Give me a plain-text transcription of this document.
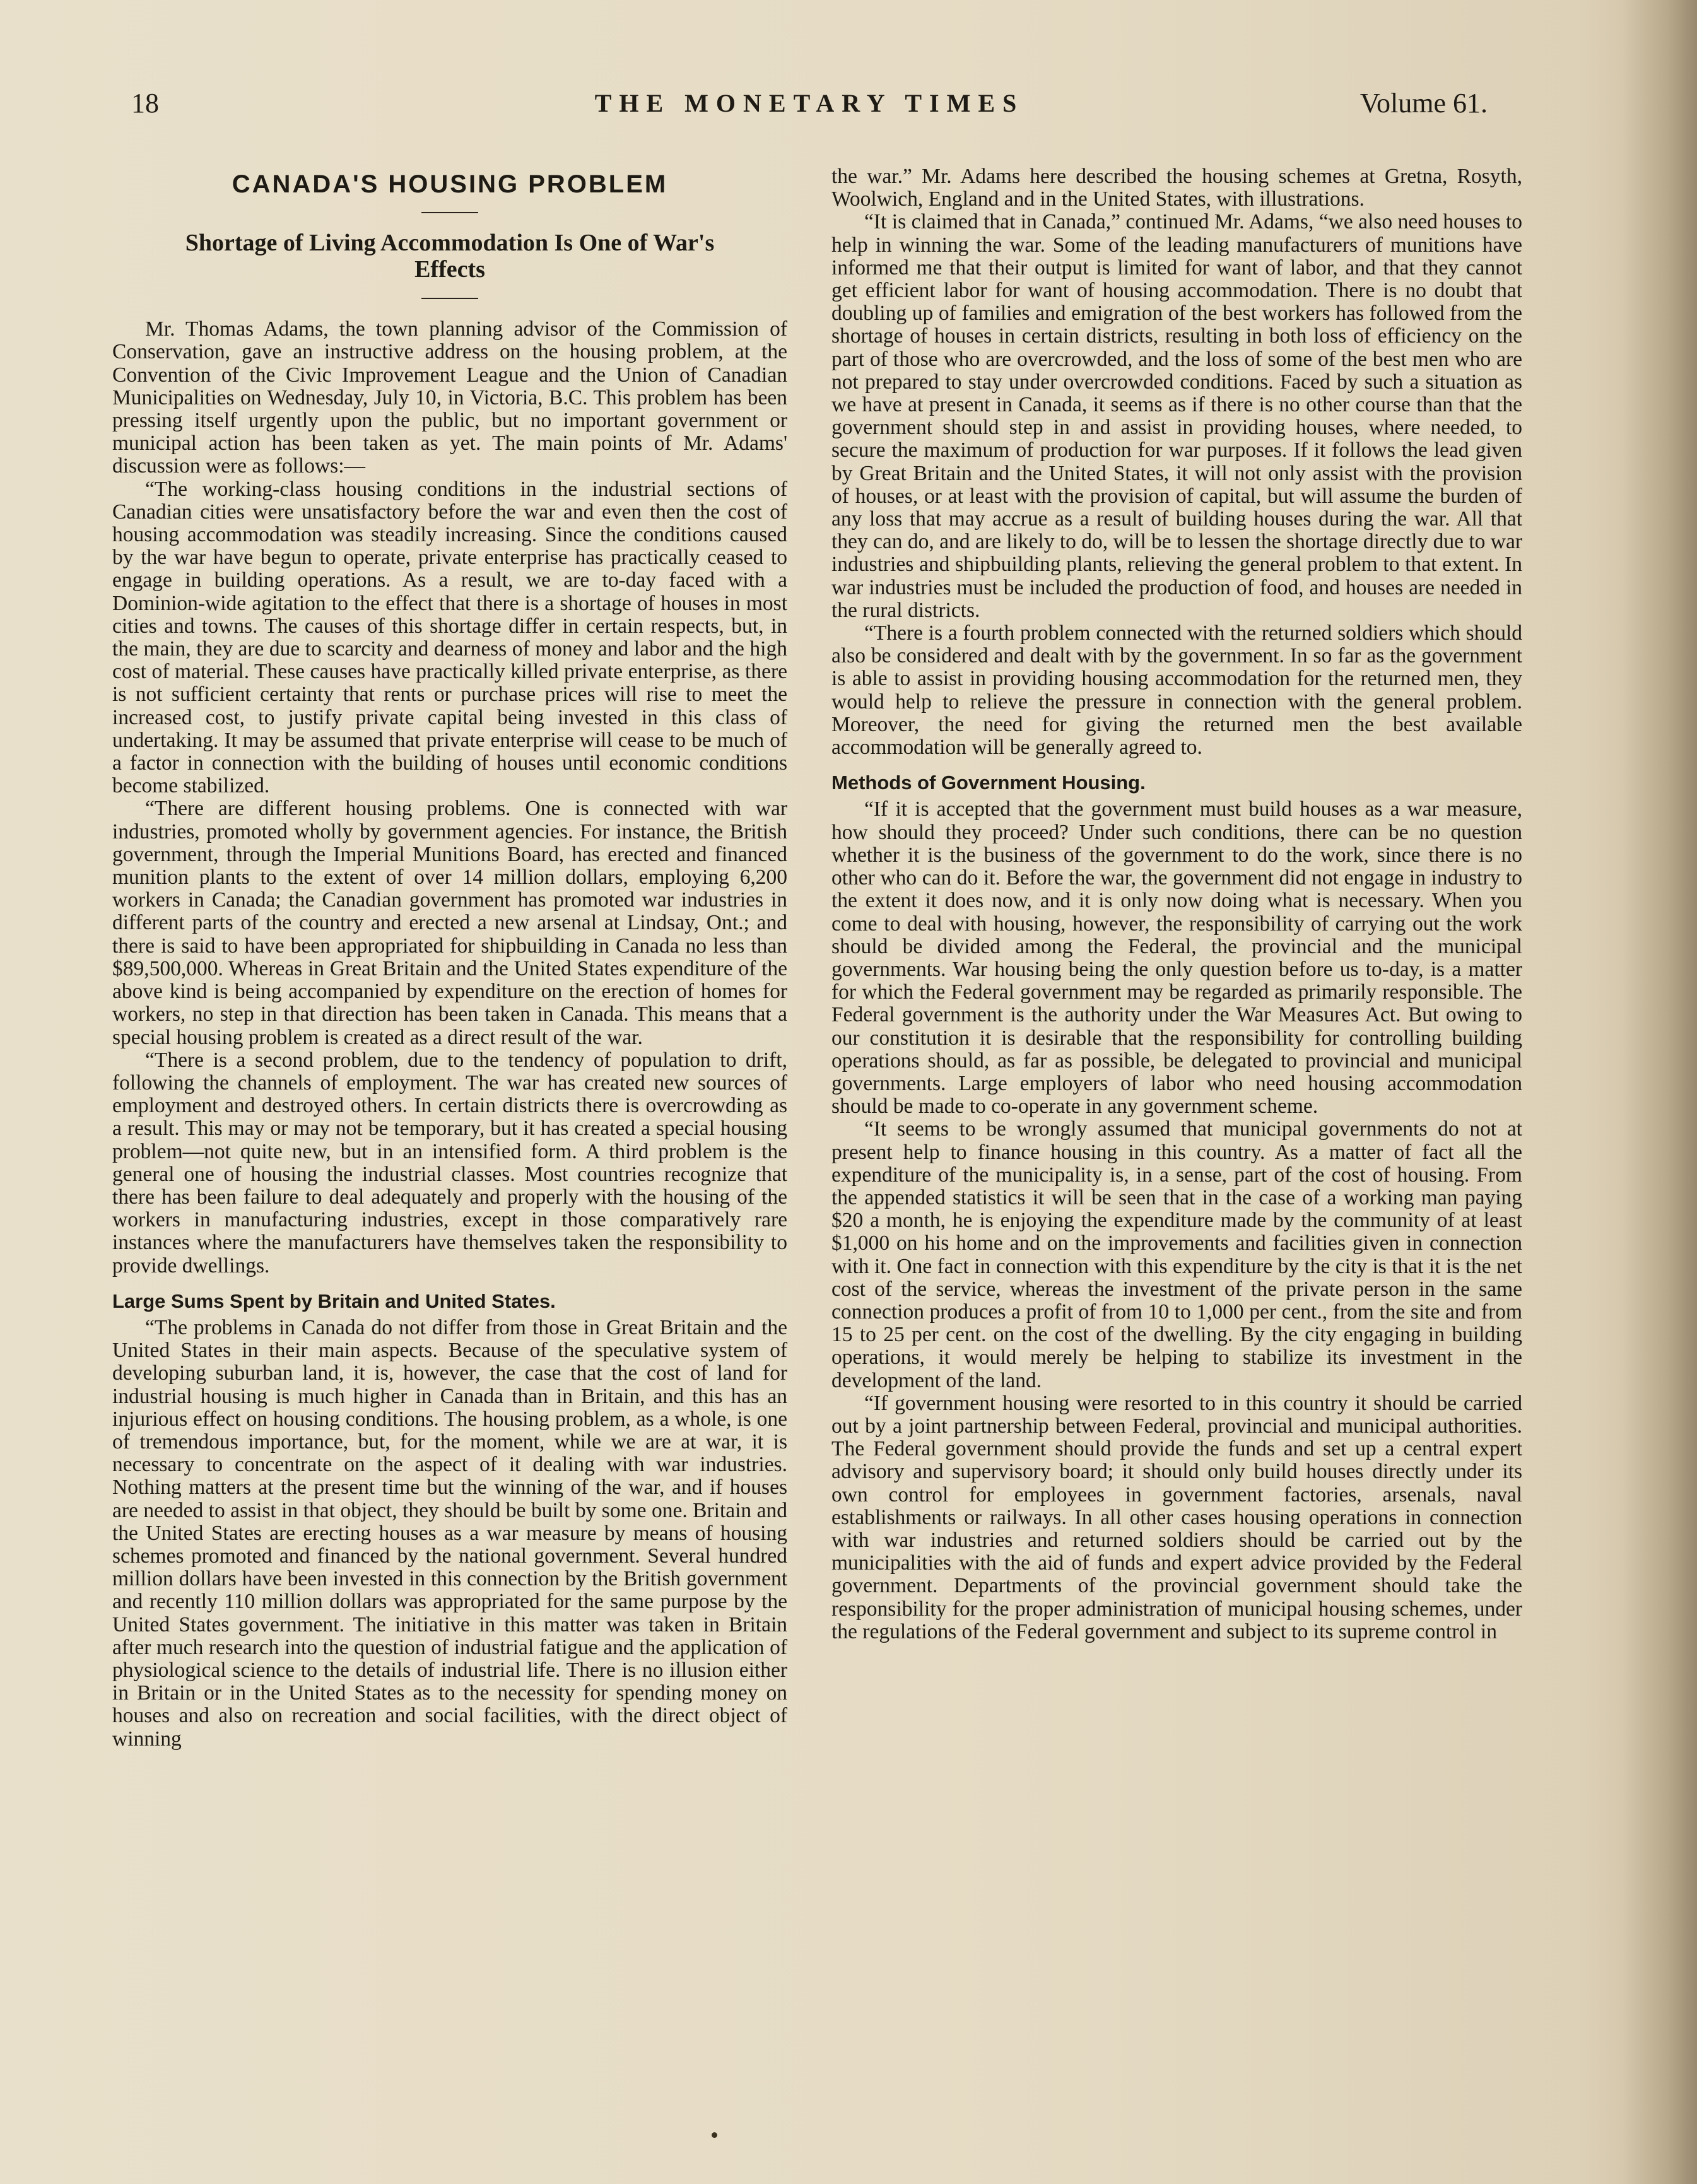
18	THE MONETARY TIMES	Volume 61.
CANADA'S HOUSING PROBLEM
Shortage of Living Accommodation Is One of War's Effects

Mr. Thomas Adams, the town planning advisor of the Commission of Conservation, gave an instructive address on the housing problem, at the Convention of the Civic Improvement League and the Union of Canadian Municipalities on Wednesday, July 10, in Victoria, B.C. This problem has been pressing itself urgently upon the public, but no important government or municipal action has been taken as yet. The main points of Mr. Adams' discussion were as follows:—

“The working-class housing conditions in the industrial sections of Canadian cities were unsatisfactory before the war and even then the cost of housing accommodation was steadily increasing. Since the conditions caused by the war have begun to operate, private enterprise has practically ceased to engage in building operations. As a result, we are to-day faced with a Dominion-wide agitation to the effect that there is a shortage of houses in most cities and towns. The causes of this shortage differ in certain respects, but, in the main, they are due to scarcity and dearness of money and labor and the high cost of material. These causes have practically killed private enterprise, as there is not sufficient certainty that rents or purchase prices will rise to meet the increased cost, to justify private capital being invested in this class of undertaking. It may be assumed that private enterprise will cease to be much of a factor in connection with the building of houses until economic conditions become stabilized.

“There are different housing problems. One is connected with war industries, promoted wholly by government agencies. For instance, the British government, through the Imperial Munitions Board, has erected and financed munition plants to the extent of over 14 million dollars, employing 6,200 workers in Canada; the Canadian government has promoted war industries in different parts of the country and erected a new arsenal at Lindsay, Ont.; and there is said to have been appropriated for shipbuilding in Canada no less than $89,500,000. Whereas in Great Britain and the United States expenditure of the above kind is being accompanied by expenditure on the erection of homes for workers, no step in that direction has been taken in Canada. This means that a special housing problem is created as a direct result of the war.

“There is a second problem, due to the tendency of population to drift, following the channels of employment. The war has created new sources of employment and destroyed others. In certain districts there is overcrowding as a result. This may or may not be temporary, but it has created a special housing problem—not quite new, but in an intensified form. A third problem is the general one of housing the industrial classes. Most countries recognize that there has been failure to deal adequately and properly with the housing of the workers in manufacturing industries, except in those comparatively rare instances where the manufacturers have themselves taken the responsibility to provide dwellings.

Large Sums Spent by Britain and United States.

“The problems in Canada do not differ from those in Great Britain and the United States in their main aspects. Because of the speculative system of developing suburban land, it is, however, the case that the cost of land for industrial housing is much higher in Canada than in Britain, and this has an injurious effect on housing conditions. The housing problem, as a whole, is one of tremendous importance, but, for the moment, while we are at war, it is necessary to concentrate on the aspect of it dealing with war industries. Nothing matters at the present time but the winning of the war, and if houses are needed to assist in that object, they should be built by some one. Britain and the United States are erecting houses as a war measure by means of housing schemes promoted and financed by the national government. Several hundred million dollars have been invested in this connection by the British government and recently 110 million dollars was appropriated for the same purpose by the United States government. The initiative in this matter was taken in Britain after much research into the question of industrial fatigue and the application of physiological science to the details of industrial life. There is no illusion either in Britain or in the United States as to the necessity for spending money on houses and also on recreation and social facilities, with the direct object of winning

the war.” Mr. Adams here described the housing schemes at Gretna, Rosyth, Woolwich, England and in the United States, with illustrations.

“It is claimed that in Canada,” continued Mr. Adams, “we also need houses to help in winning the war. Some of the leading manufacturers of munitions have informed me that their output is limited for want of labor, and that they cannot get efficient labor for want of housing accommodation. There is no doubt that doubling up of families and emigration of the best workers has followed from the shortage of houses in certain districts, resulting in both loss of efficiency on the part of those who are overcrowded, and the loss of some of the best men who are not prepared to stay under overcrowded conditions. Faced by such a situation as we have at present in Canada, it seems as if there is no other course than that the government should step in and assist in providing houses, where needed, to secure the maximum of production for war purposes. If it follows the lead given by Great Britain and the United States, it will not only assist with the provision of houses, or at least with the provision of capital, but will assume the burden of any loss that may accrue as a result of building houses during the war. All that they can do, and are likely to do, will be to lessen the shortage directly due to war industries and shipbuilding plants, relieving the general problem to that extent. In war industries must be included the production of food, and houses are needed in the rural districts.

“There is a fourth problem connected with the returned soldiers which should also be considered and dealt with by the government. In so far as the government is able to assist in providing housing accommodation for the returned men, they would help to relieve the pressure in connection with the general problem. Moreover, the need for giving the returned men the best available accommodation will be generally agreed to.

Methods of Government Housing.

“If it is accepted that the government must build houses as a war measure, how should they proceed? Under such conditions, there can be no question whether it is the business of the government to do the work, since there is no other who can do it. Before the war, the government did not engage in industry to the extent it does now, and it is only now doing what is necessary. When you come to deal with housing, however, the responsibility of carrying out the work should be divided among the Federal, the provincial and the municipal governments. War housing being the only question before us to-day, is a matter for which the Federal government may be regarded as primarily responsible. The Federal government is the authority under the War Measures Act. But owing to our constitution it is desirable that the responsibility for controlling building operations should, as far as possible, be delegated to provincial and municipal governments. Large employers of labor who need housing accommodation should be made to co-operate in any government scheme.

“It seems to be wrongly assumed that municipal governments do not at present help to finance housing in this country. As a matter of fact all the expenditure of the municipality is, in a sense, part of the cost of housing. From the appended statistics it will be seen that in the case of a working man paying $20 a month, he is enjoying the expenditure made by the community of at least $1,000 on his home and on the improvements and facilities given in connection with it. One fact in connection with this expenditure by the city is that it is the net cost of the service, whereas the investment of the private person in the same connection produces a profit of from 10 to 1,000 per cent., from the site and from 15 to 25 per cent. on the cost of the dwelling. By the city engaging in building operations, it would merely be helping to stabilize its investment in the development of the land.

“If government housing were resorted to in this country it should be carried out by a joint partnership between Federal, provincial and municipal authorities. The Federal government should provide the funds and set up a central expert advisory and supervisory board; it should only build houses directly under its own control for employees in government factories, arsenals, naval establishments or railways. In all other cases housing operations in connection with war industries and returned soldiers should be carried out by the municipalities with the aid of funds and expert advice provided by the Federal government. Departments of the provincial government should take the responsibility for the proper administration of municipal housing schemes, under the regulations of the Federal government and subject to its supreme control in
